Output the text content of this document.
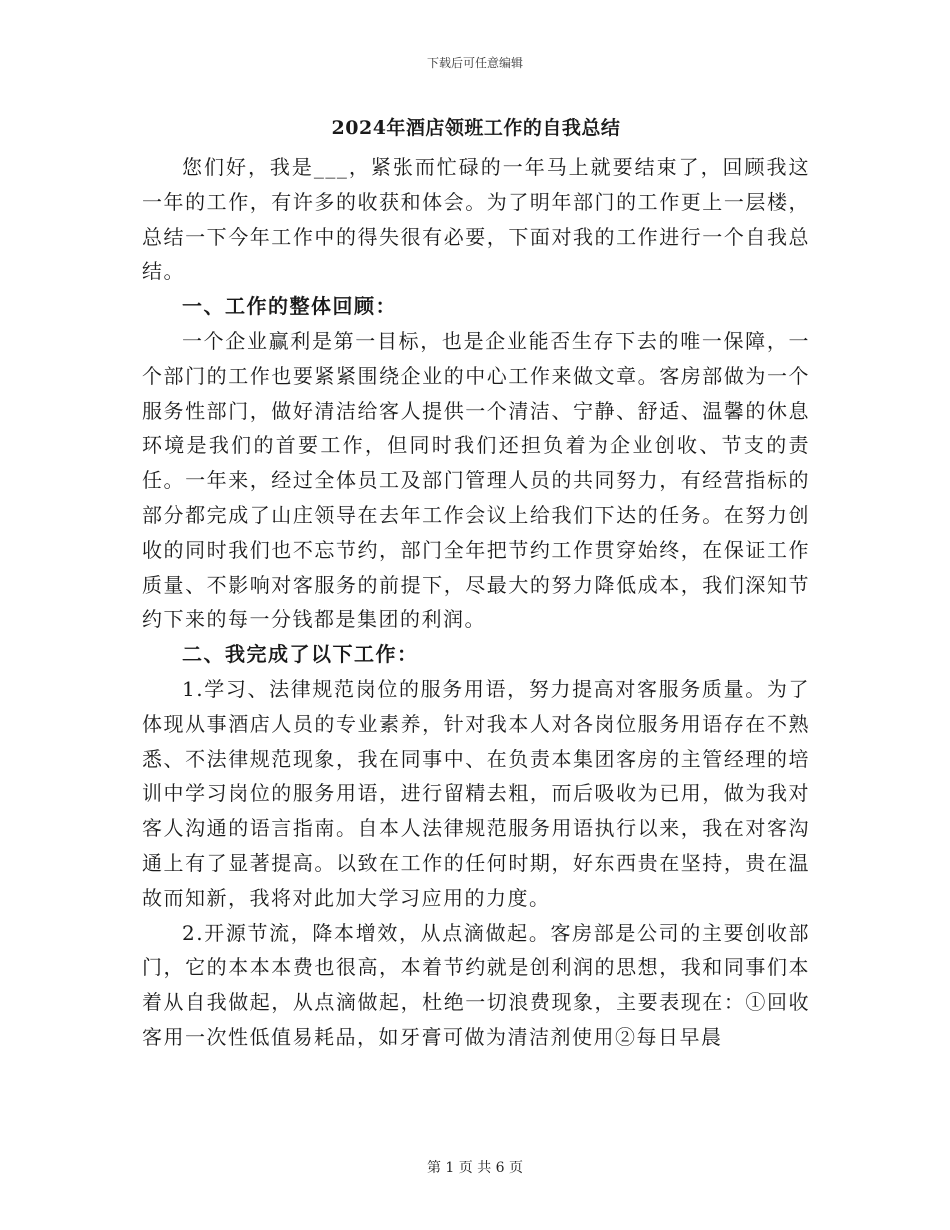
下载后可任意编辑
2024年酒店领班工作的自我总结

您们好，我是___，紧张而忙碌的一年马上就要结束了，回顾我这一年的工作，有许多的收获和体会。为了明年部门的工作更上一层楼，总结一下今年工作中的得失很有必要，下面对我的工作进行一个自我总结。

一、工作的整体回顾：

一个企业赢利是第一目标，也是企业能否生存下去的唯一保障，一个部门的工作也要紧紧围绕企业的中心工作来做文章。客房部做为一个服务性部门，做好清洁给客人提供一个清洁、宁静、舒适、温馨的休息环境是我们的首要工作，但同时我们还担负着为企业创收、节支的责任。一年来，经过全体员工及部门管理人员的共同努力，有经营指标的部分都完成了山庄领导在去年工作会议上给我们下达的任务。在努力创收的同时我们也不忘节约，部门全年把节约工作贯穿始终，在保证工作质量、不影响对客服务的前提下，尽最大的努力降低成本，我们深知节约下来的每一分钱都是集团的利润。

二、我完成了以下工作：

1.学习、法律规范岗位的服务用语，努力提高对客服务质量。为了体现从事酒店人员的专业素养，针对我本人对各岗位服务用语存在不熟悉、不法律规范现象，我在同事中、在负责本集团客房的主管经理的培训中学习岗位的服务用语，进行留精去粗，而后吸收为已用，做为我对客人沟通的语言指南。自本人法律规范服务用语执行以来，我在对客沟通上有了显著提高。以致在工作的任何时期，好东西贵在坚持，贵在温故而知新，我将对此加大学习应用的力度。

2.开源节流，降本增效，从点滴做起。客房部是公司的主要创收部门，它的本本本费也很高，本着节约就是创利润的思想，我和同事们本着从自我做起，从点滴做起，杜绝一切浪费现象，主要表现在：①回收客用一次性低值易耗品，如牙膏可做为清洁剂使用②每日早晨

第 1 页 共 6 页
